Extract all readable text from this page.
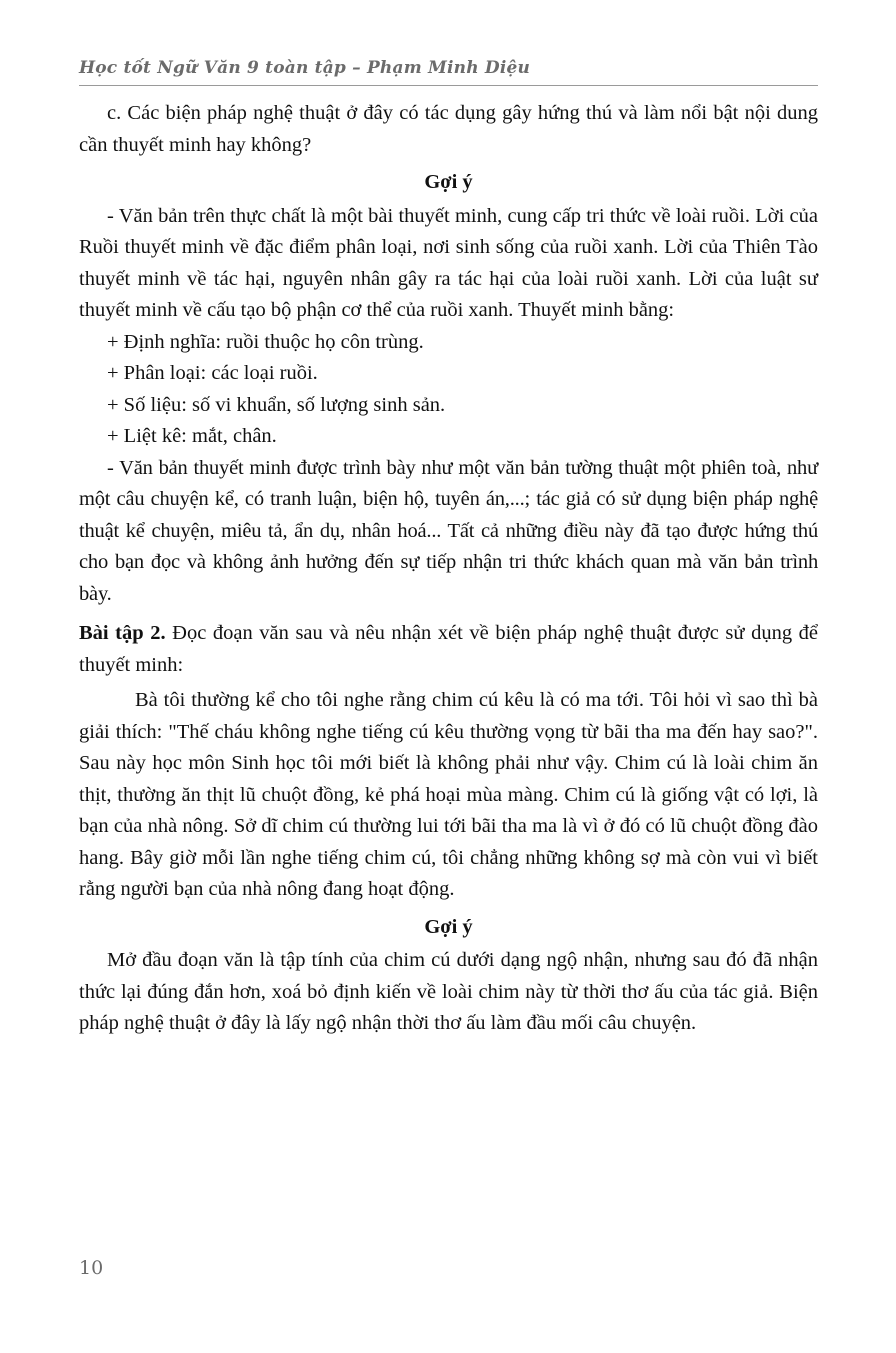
Học tốt Ngữ Văn 9 toàn tập – Phạm Minh Diệu

c. Các biện pháp nghệ thuật ở đây có tác dụng gây hứng thú và làm nổi bật nội dung cần thuyết minh hay không?

Gợi ý

- Văn bản trên thực chất là một bài thuyết minh, cung cấp tri thức về loài ruồi. Lời của Ruồi thuyết minh về đặc điểm phân loại, nơi sinh sống của ruồi xanh. Lời của Thiên Tào thuyết minh về tác hại, nguyên nhân gây ra tác hại của loài ruồi xanh. Lời của luật sư thuyết minh về cấu tạo bộ phận cơ thể của ruồi xanh. Thuyết minh bằng:

+ Định nghĩa: ruồi thuộc họ côn trùng.

+ Phân loại: các loại ruồi.

+ Số liệu: số vi khuẩn, số lượng sinh sản.

+ Liệt kê: mắt, chân.

- Văn bản thuyết minh được trình bày như một văn bản tường thuật một phiên toà, như một câu chuyện kể, có tranh luận, biện hộ, tuyên án,...; tác giả có sử dụng biện pháp nghệ thuật kể chuyện, miêu tả, ẩn dụ, nhân hoá... Tất cả những điều này đã tạo được hứng thú cho bạn đọc và không ảnh hưởng đến sự tiếp nhận tri thức khách quan mà văn bản trình bày.

Bài tập 2. Đọc đoạn văn sau và nêu nhận xét về biện pháp nghệ thuật được sử dụng để thuyết minh:

Bà tôi thường kể cho tôi nghe rằng chim cú kêu là có ma tới. Tôi hỏi vì sao thì bà giải thích: "Thế cháu không nghe tiếng cú kêu thường vọng từ bãi tha ma đến hay sao?". Sau này học môn Sinh học tôi mới biết là không phải như vậy. Chim cú là loài chim ăn thịt, thường ăn thịt lũ chuột đồng, kẻ phá hoại mùa màng. Chim cú là giống vật có lợi, là bạn của nhà nông. Sở dĩ chim cú thường lui tới bãi tha ma là vì ở đó có lũ chuột đồng đào hang. Bây giờ mỗi lần nghe tiếng chim cú, tôi chẳng những không sợ mà còn vui vì biết rằng người bạn của nhà nông đang hoạt động.

Gợi ý

Mở đầu đoạn văn là tập tính của chim cú dưới dạng ngộ nhận, nhưng sau đó đã nhận thức lại đúng đắn hơn, xoá bỏ định kiến về loài chim này từ thời thơ ấu của tác giả. Biện pháp nghệ thuật ở đây là lấy ngộ nhận thời thơ ấu làm đầu mối câu chuyện.

10
